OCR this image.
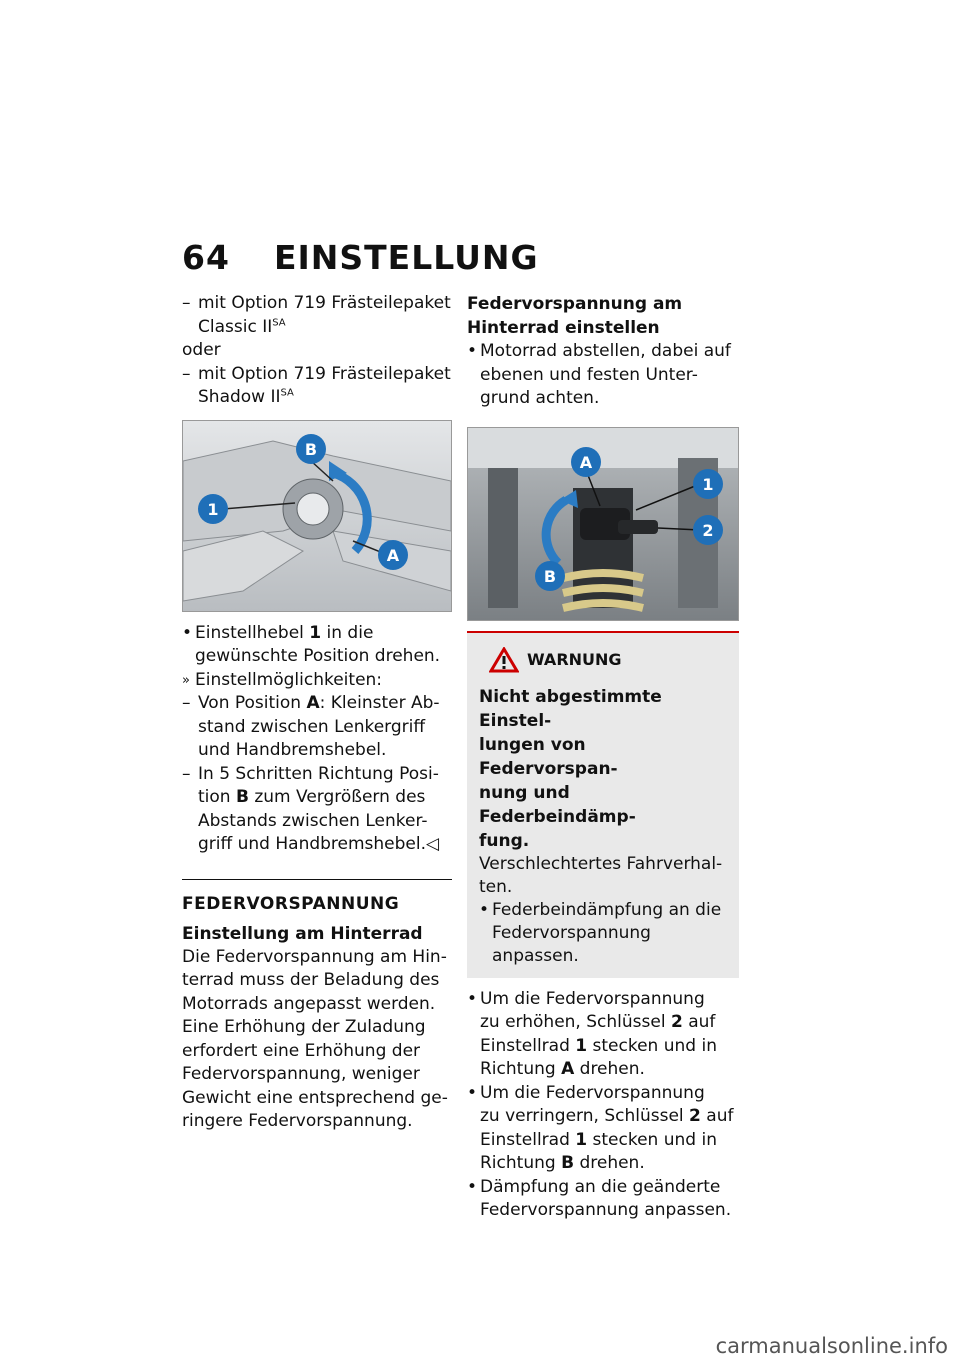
64 EINSTELLUNG
– mit Option 719 Frästeilepaket
Classic $II^{SA}$
oder
– mit Option 719 Frästeilepaket
Shadow $II^{SA}$
1
B
A
• Einstellhebel 1 in die
gewünschte Position drehen.
» Einstellmöglichkeiten:
– Von Position A: Kleinster Ab-
stand zwischen Lenkergriff
und Handbremshebel.
– In 5 Schritten Richtung Posi-
tion B zum Vergrößern des
Abstands zwischen Lenker-
griff und Handbremshebel.◁
FEDERVORSPANNUNG
Einstellung am Hinterrad
Die Federvorspannung am Hin-
terrad muss der Beladung des
Motorrads angepasst werden.
Eine Erhöhung der Zuladung
erfordert eine Erhöhung der
Federvorspannung, weniger
Gewicht eine entsprechend ge-
ringere Federvorspannung.
Federvorspannung am
Hinterrad einstellen
• Motorrad abstellen, dabei auf
ebenen und festen Unter-
grund achten.
A
B
1
2
WARNUNG
Nicht abgestimmte Einstel-
lungen von Federvorspan-
nung und Federbeindämp-
fung.
Verschlechtertes Fahrverhal-
ten.
• Federbeindämpfung an die
Federvorspannung anpassen.
• Um die Federvorspannung
zu erhöhen, Schlüssel 2 auf
Einstellrad 1 stecken und in
Richtung A drehen.
• Um die Federvorspannung
zu verringern, Schlüssel 2 auf
Einstellrad 1 stecken und in
Richtung B drehen.
• Dämpfung an die geänderte
Federvorspannung anpassen.
carmanualsonline.info
